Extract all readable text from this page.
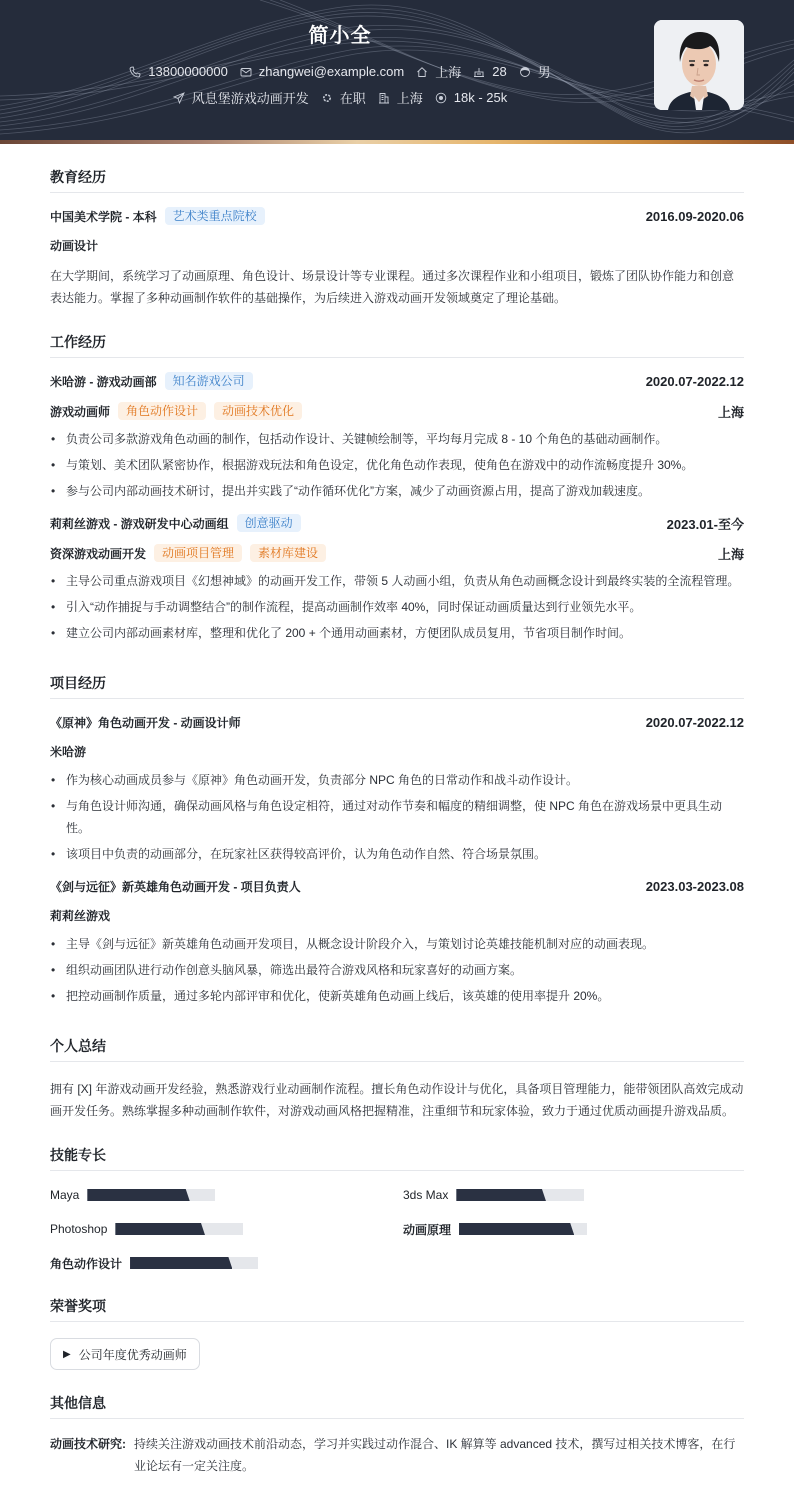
简小全
13800000000 zhangwei@example.com 上海 28 男
风息堡游戏动画开发 在职 上海 18k - 25k
教育经历
中国美术学院 - 本科	艺术类重点院校	2016.09-2020.06
动画设计
在大学期间，系统学习了动画原理、角色设计、场景设计等专业课程。通过多次课程作业和小组项目，锻炼了团队协作能力和创意表达能力。掌握了多种动画制作软件的基础操作，为后续进入游戏动画开发领域奠定了理论基础。
工作经历
米哈游 - 游戏动画部	知名游戏公司	2020.07-2022.12
游戏动画师	角色动作设计	动画技术优化	上海
• 负责公司多款游戏角色动画的制作，包括动作设计、关键帧绘制等，平均每月完成 8 - 10 个角色的基础动画制作。
• 与策划、美术团队紧密协作，根据游戏玩法和角色设定，优化角色动作表现，使角色在游戏中的动作流畅度提升 30%。
• 参与公司内部动画技术研讨，提出并实践了“动作循环优化”方案，减少了动画资源占用，提高了游戏加载速度。
莉莉丝游戏 - 游戏研发中心动画组	创意驱动	2023.01-至今
资深游戏动画开发	动画项目管理	素材库建设	上海
• 主导公司重点游戏项目《幻想神域》的动画开发工作，带领 5 人动画小组，负责从角色动画概念设计到最终实装的全流程管理。
• 引入“动作捕捉与手动调整结合”的制作流程，提高动画制作效率 40%，同时保证动画质量达到行业领先水平。
• 建立公司内部动画素材库，整理和优化了 200 + 个通用动画素材，方便团队成员复用，节省项目制作时间。
项目经历
《原神》角色动画开发 - 动画设计师	2020.07-2022.12
米哈游
• 作为核心动画成员参与《原神》角色动画开发，负责部分 NPC 角色的日常动作和战斗动作设计。
• 与角色设计师沟通，确保动画风格与角色设定相符，通过对动作节奏和幅度的精细调整，使 NPC 角色在游戏场景中更具生动性。
• 该项目中负责的动画部分，在玩家社区获得较高评价，认为角色动作自然、符合场景氛围。
《剑与远征》新英雄角色动画开发 - 项目负责人	2023.03-2023.08
莉莉丝游戏
• 主导《剑与远征》新英雄角色动画开发项目，从概念设计阶段介入，与策划讨论英雄技能机制对应的动画表现。
• 组织动画团队进行动作创意头脑风暴，筛选出最符合游戏风格和玩家喜好的动画方案。
• 把控动画制作质量，通过多轮内部评审和优化，使新英雄角色动画上线后，该英雄的使用率提升 20%。
个人总结
拥有 [X] 年游戏动画开发经验，熟悉游戏行业动画制作流程。擅长角色动作设计与优化，具备项目管理能力，能带领团队高效完成动画开发任务。熟练掌握多种动画制作软件，对游戏动画风格把握精准，注重细节和玩家体验，致力于通过优质动画提升游戏品质。
技能专长
Maya	3ds Max
Photoshop	动画原理
角色动作设计
荣誉奖项
▶ 公司年度优秀动画师
其他信息
动画技术研究: 持续关注游戏动画技术前沿动态，学习并实践过动作混合、IK 解算等 advanced 技术，撰写过相关技术博客，在行业论坛有一定关注度。
